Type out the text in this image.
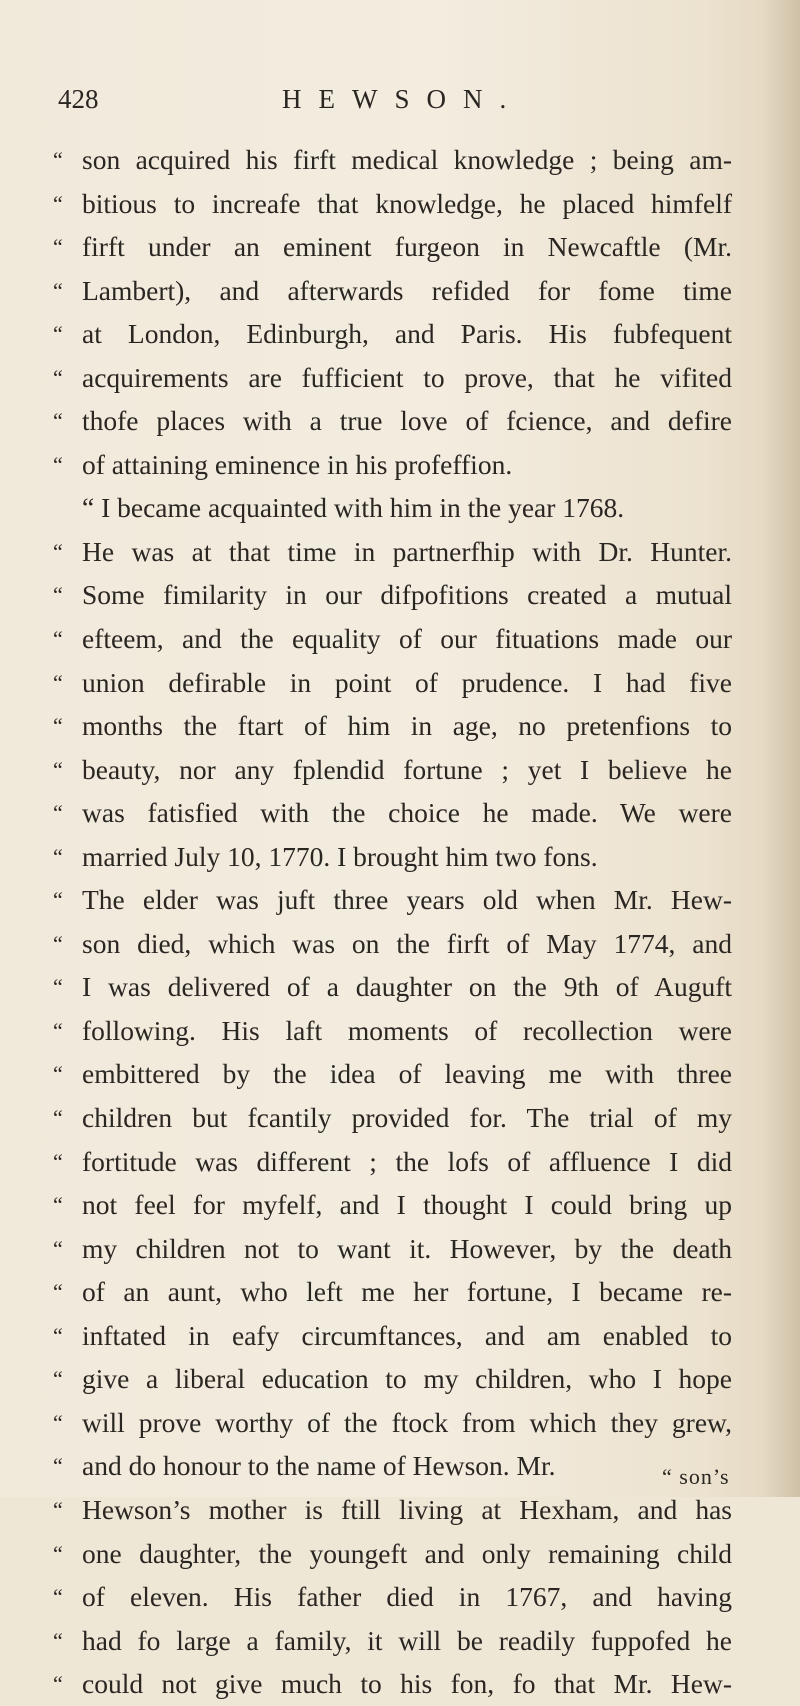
428	HEWSON.
“ son acquired his firft medical knowledge ; being am-
“ bitious to increafe that knowledge, he placed himfelf
“ firft under an eminent furgeon in Newcaftle (Mr.
“ Lambert), and afterwards refided for fome time
“ at London, Edinburgh, and Paris. His fubfequent
“ acquirements are fufficient to prove, that he vifited
“ thofe places with a true love of fcience, and defire
“ of attaining eminence in his profeffion.
“ I became acquainted with him in the year 1768.
“ He was at that time in partnerfhip with Dr. Hunter.
“ Some fimilarity in our difpofitions created a mutual
“ efteem, and the equality of our fituations made our
“ union defirable in point of prudence. I had five
“ months the ftart of him in age, no pretenfions to
“ beauty, nor any fplendid fortune ; yet I believe he
“ was fatisfied with the choice he made. We were
“ married July 10, 1770. I brought him two fons.
“ The elder was juft three years old when Mr. Hew-
“ son died, which was on the firft of May 1774, and
“ I was delivered of a daughter on the 9th of Auguft
“ following. His laft moments of recollection were
“ embittered by the idea of leaving me with three
“ children but fcantily provided for. The trial of my
“ fortitude was different ; the lofs of affluence I did
“ not feel for myfelf, and I thought I could bring up
“ my children not to want it. However, by the death
“ of an aunt, who left me her fortune, I became re-
“ inftated in eafy circumftances, and am enabled to
“ give a liberal education to my children, who I hope
“ will prove worthy of the ftock from which they grew,
“ and do honour to the name of Hewson. Mr.
“ Hewson’s mother is ftill living at Hexham, and has
“ one daughter, the youngeft and only remaining child
“ of eleven. His father died in 1767, and having
“ had fo large a family, it will be readily fuppofed he
“ could not give much to his fon, fo that Mr. Hew-
“ son’s
